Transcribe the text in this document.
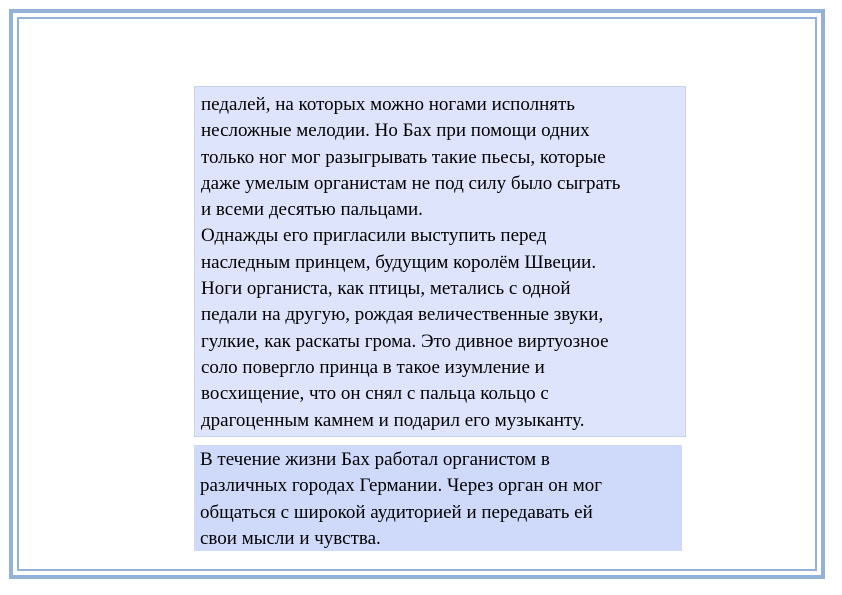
педалей, на которых можно ногами исполнять
несложные мелодии. Но Бах при помощи одних
только ног мог разыгрывать такие пьесы, которые
даже умелым органистам не под силу было сыграть
и всеми десятью пальцами.

Однажды его пригласили выступить перед
наследным принцем, будущим королём Швеции.
Ноги органиста, как птицы, метались с одной
педали на другую, рождая величественные звуки,
гулкие, как раскаты грома. Это дивное виртуозное
соло повергло принца в такое изумление и
восхищение, что он снял с пальца кольцо с
драгоценным камнем и подарил его музыканту.

В течение жизни Бах работал органистом в
различных городах Германии. Через орган он мог
общаться с широкой аудиторией и передавать ей
свои мысли и чувства.
